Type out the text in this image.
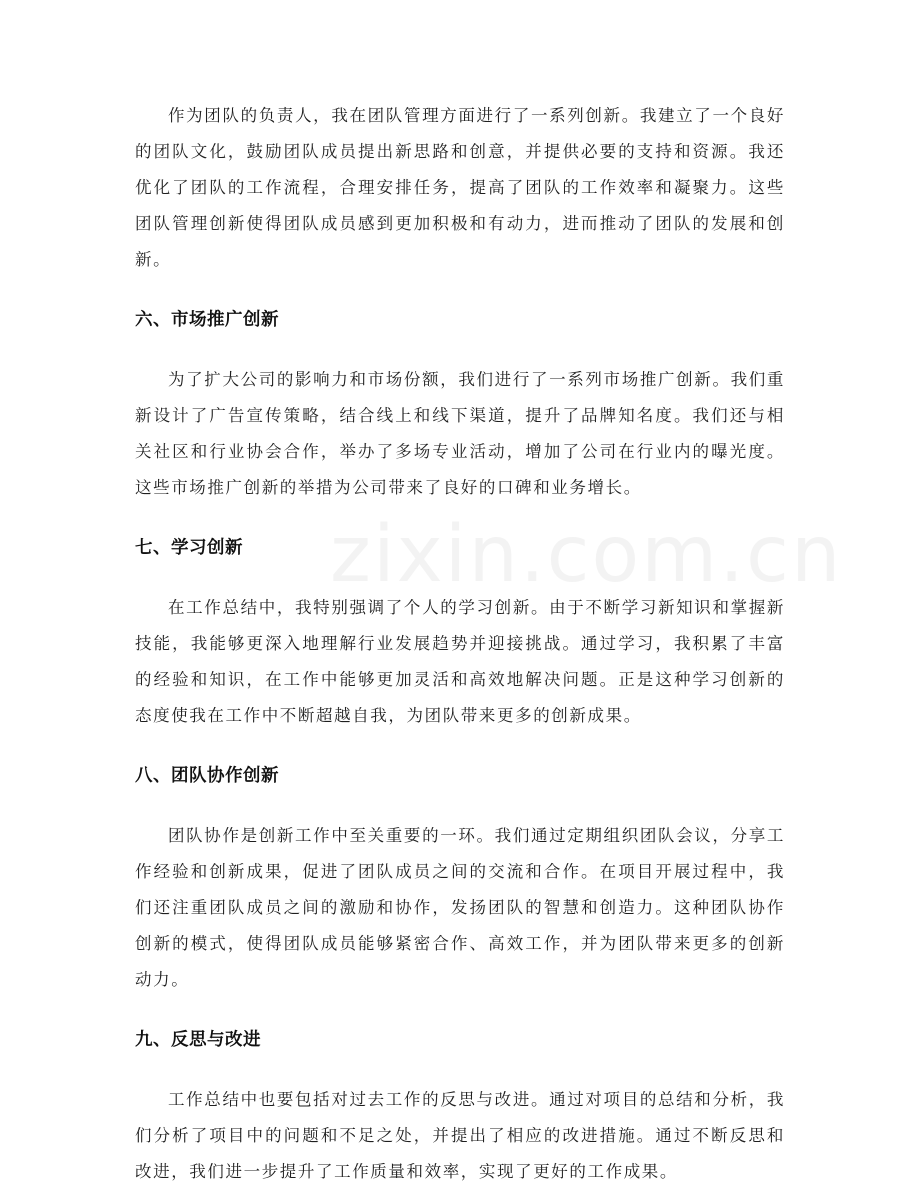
zixin.com.cn

作为团队的负责人，我在团队管理方面进行了一系列创新。我建立了一个良好的团队文化，鼓励团队成员提出新思路和创意，并提供必要的支持和资源。我还优化了团队的工作流程，合理安排任务，提高了团队的工作效率和凝聚力。这些团队管理创新使得团队成员感到更加积极和有动力，进而推动了团队的发展和创新。

六、市场推广创新

为了扩大公司的影响力和市场份额，我们进行了一系列市场推广创新。我们重新设计了广告宣传策略，结合线上和线下渠道，提升了品牌知名度。我们还与相关社区和行业协会合作，举办了多场专业活动，增加了公司在行业内的曝光度。这些市场推广创新的举措为公司带来了良好的口碑和业务增长。

七、学习创新

在工作总结中，我特别强调了个人的学习创新。由于不断学习新知识和掌握新技能，我能够更深入地理解行业发展趋势并迎接挑战。通过学习，我积累了丰富的经验和知识，在工作中能够更加灵活和高效地解决问题。正是这种学习创新的态度使我在工作中不断超越自我，为团队带来更多的创新成果。

八、团队协作创新

团队协作是创新工作中至关重要的一环。我们通过定期组织团队会议，分享工作经验和创新成果，促进了团队成员之间的交流和合作。在项目开展过程中，我们还注重团队成员之间的激励和协作，发扬团队的智慧和创造力。这种团队协作创新的模式，使得团队成员能够紧密合作、高效工作，并为团队带来更多的创新动力。

九、反思与改进

工作总结中也要包括对过去工作的反思与改进。通过对项目的总结和分析，我们分析了项目中的问题和不足之处，并提出了相应的改进措施。通过不断反思和改进，我们进一步提升了工作质量和效率，实现了更好的工作成果。
